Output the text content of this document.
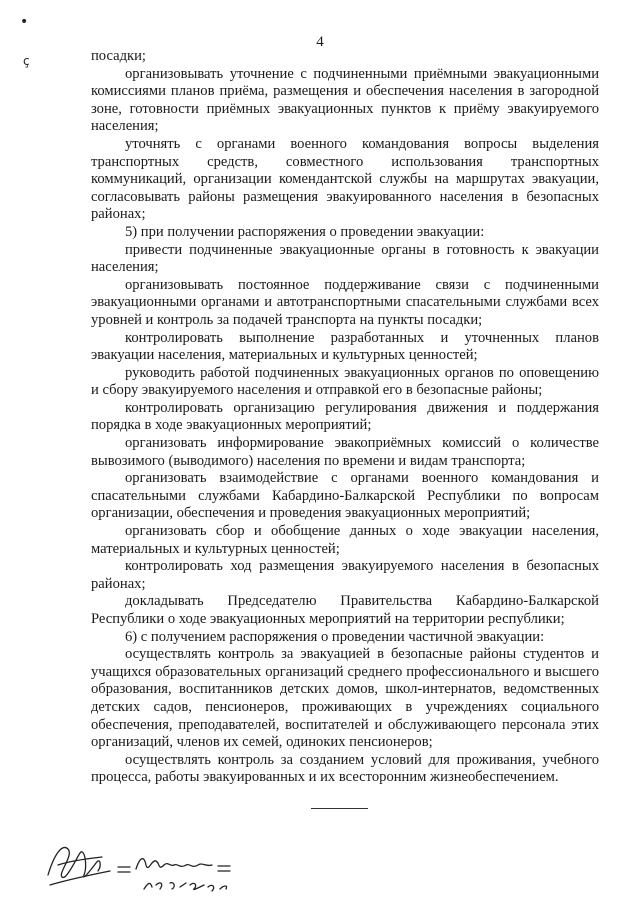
4
•
ç	посадки;

организовывать уточнение с подчиненными приёмными эвакуационными комиссиями планов приёма, размещения и обеспечения населения в загородной зоне, готовности приёмных эвакуационных пунктов к приёму эвакуируемого населения;

уточнять с органами военного командования вопросы выделения транспортных средств, совместного использования транспортных коммуникаций, организации комендантской службы на маршрутах эвакуации, согласовывать районы размещения эвакуированного населения в безопасных районах;

5) при получении распоряжения о проведении эвакуации:

привести подчиненные эвакуационные органы в готовность к эвакуации населения;

организовывать постоянное поддерживание связи с подчиненными эвакуационными органами и автотранспортными спасательными службами всех уровней и контроль за подачей транспорта на пункты посадки;

контролировать выполнение разработанных и уточненных планов эвакуации населения, материальных и культурных ценностей;

руководить работой подчиненных эвакуационных органов по оповещению и сбору эвакуируемого населения и отправкой его в безопасные районы;

контролировать организацию регулирования движения и поддержания порядка в ходе эвакуационных мероприятий;

организовать информирование эвакоприёмных комиссий о количестве вывозимого (выводимого) населения по времени и видам транспорта;

организовать взаимодействие с органами военного командования и спасательными службами Кабардино-Балкарской Республики по вопросам организации, обеспечения и проведения эвакуационных мероприятий;

организовать сбор и обобщение данных о ходе эвакуации населения, материальных и культурных ценностей;

контролировать ход размещения эвакуируемого населения в безопасных районах;

докладывать Председателю Правительства Кабардино-Балкарской Республики о ходе эвакуационных мероприятий на территории республики;

6) с получением распоряжения о проведении частичной эвакуации:

осуществлять контроль за эвакуацией в безопасные районы студентов и учащихся образовательных организаций среднего профессионального и высшего образования, воспитанников детских домов, школ-интернатов, ведомственных детских садов, пенсионеров, проживающих в учреждениях социального обеспечения, преподавателей, воспитателей и обслуживающего персонала этих организаций, членов их семей, одиноких пенсионеров;

осуществлять контроль за созданием условий для проживания, учебного процесса, работы эвакуированных и их всесторонним жизнеобеспечением.
